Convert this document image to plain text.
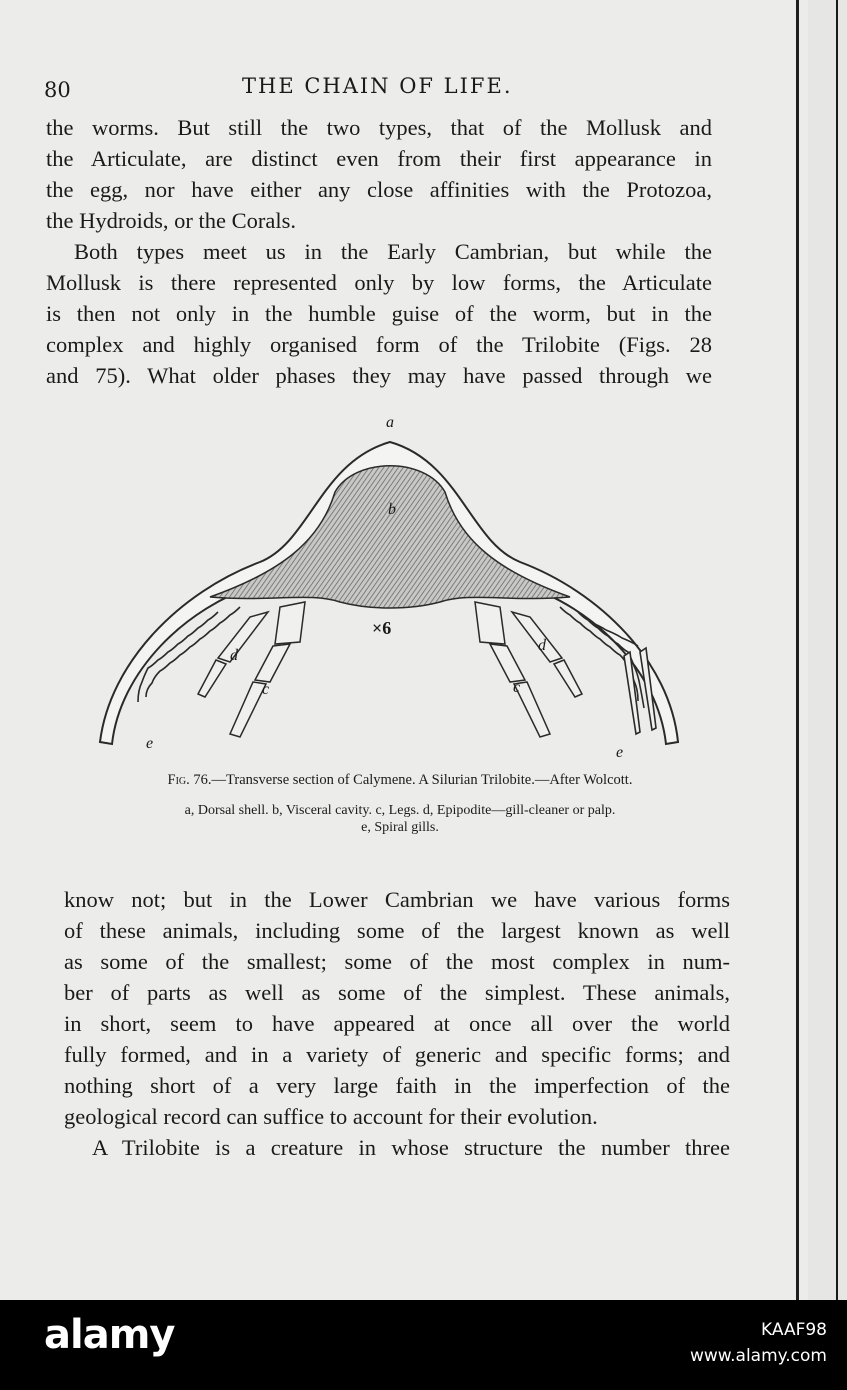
80	THE CHAIN OF LIFE.
the worms. But still the two types, that of the Mollusk and
the Articulate, are distinct even from their first appearance in
the egg, nor have either any close affinities with the Protozoa,
the Hydroids, or the Corals.
Both types meet us in the Early Cambrian, but while the
Mollusk is there represented only by low forms, the Articulate
is then not only in the humble guise of the worm, but in the
complex and highly organised form of the Trilobite (Figs. 28
and 75). What older phases they may have passed through we
a
b
d
c
e
d
c
e
×6

Fig. 76.—Transverse section of Calymene. A Silurian Trilobite.—After Wolcott.

a, Dorsal shell. b, Visceral cavity. c, Legs. d, Epipodite—gill-cleaner or palp.
e, Spiral gills.

know not; but in the Lower Cambrian we have various forms
of these animals, including some of the largest known as well
as some of the smallest; some of the most complex in num-
ber of parts as well as some of the simplest. These animals,
in short, seem to have appeared at once all over the world
fully formed, and in a variety of generic and specific forms; and
nothing short of a very large faith in the imperfection of the
geological record can suffice to account for their evolution.
A Trilobite is a creature in whose structure the number three
alamy	KAAF98
www.alamy.com
